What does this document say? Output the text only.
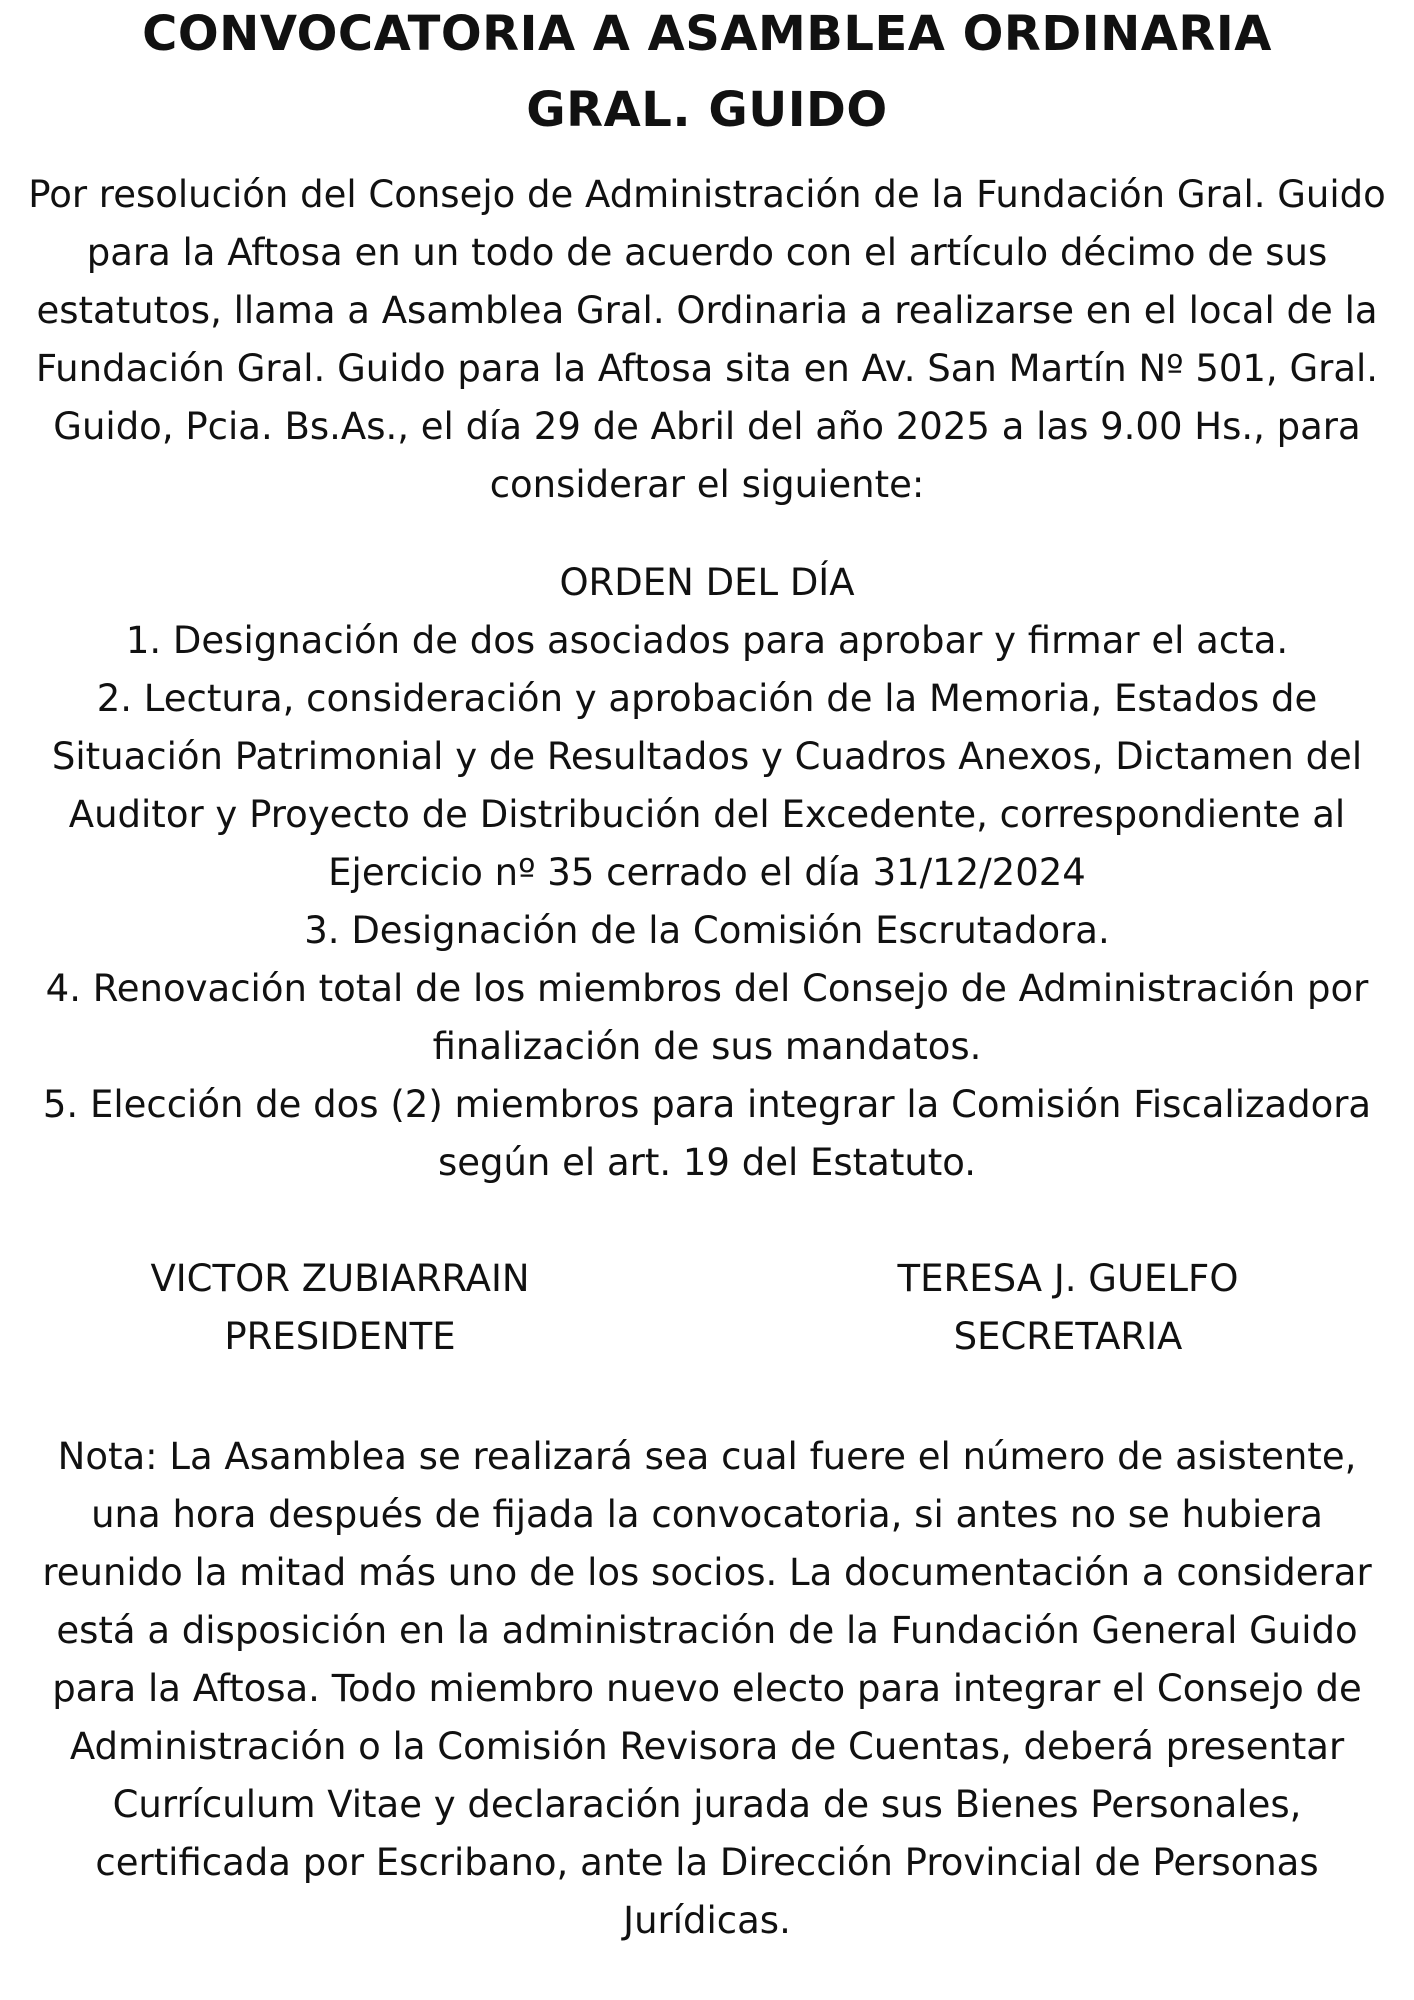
CONVOCATORIA A ASAMBLEA ORDINARIA
GRAL. GUIDO
Por resolución del Consejo de Administración de la Fundación Gral. Guido
para la Aftosa en un todo de acuerdo con el artículo décimo de sus
estatutos, llama a Asamblea Gral. Ordinaria a realizarse en el local de la
Fundación Gral. Guido para la Aftosa sita en Av. San Martín Nº 501, Gral.
Guido, Pcia. Bs.As., el día 29 de Abril del año 2025 a las 9.00 Hs., para
considerar el siguiente:
ORDEN DEL DÍA
1. Designación de dos asociados para aprobar y firmar el acta.
2. Lectura, consideración y aprobación de la Memoria, Estados de
Situación Patrimonial y de Resultados y Cuadros Anexos, Dictamen del
Auditor y Proyecto de Distribución del Excedente, correspondiente al
Ejercicio nº 35 cerrado el día 31/12/2024
3. Designación de la Comisión Escrutadora.
4. Renovación total de los miembros del Consejo de Administración por
finalización de sus mandatos.
5. Elección de dos (2) miembros para integrar la Comisión Fiscalizadora
según el art. 19 del Estatuto.
VICTOR ZUBIARRAIN
PRESIDENTE
TERESA J. GUELFO
SECRETARIA
Nota: La Asamblea se realizará sea cual fuere el número de asistente,
una hora después de fijada la convocatoria, si antes no se hubiera
reunido la mitad más uno de los socios. La documentación a considerar
está a disposición en la administración de la Fundación General Guido
para la Aftosa. Todo miembro nuevo electo para integrar el Consejo de
Administración o la Comisión Revisora de Cuentas, deberá presentar
Currículum Vitae y declaración jurada de sus Bienes Personales,
certificada por Escribano, ante la Dirección Provincial de Personas
Jurídicas.
